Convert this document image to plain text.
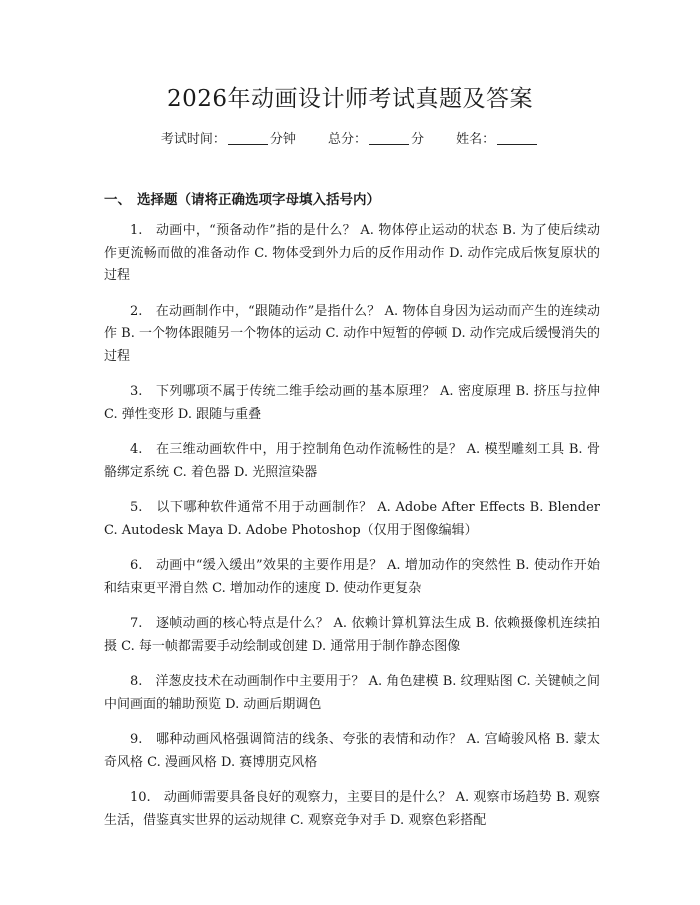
2026年动画设计师考试真题及答案
考试时间：	分钟 总分：	分 姓名：
一、 选择题（请将正确选项字母填入括号内）

1.　动画中，“预备动作”指的是什么？ A. 物体停止运动的状态 B. 为了使后续动作更流畅而做的准备动作 C. 物体受到外力后的反作用动作 D. 动作完成后恢复原状的过程

2.　在动画制作中，“跟随动作”是指什么？ A. 物体自身因为运动而产生的连续动作 B. 一个物体跟随另一个物体的运动 C. 动作中短暂的停顿 D. 动作完成后缓慢消失的过程

3.　下列哪项不属于传统二维手绘动画的基本原理？ A. 密度原理 B. 挤压与拉伸 C. 弹性变形 D. 跟随与重叠

4.　在三维动画软件中，用于控制角色动作流畅性的是？ A. 模型雕刻工具 B. 骨骼绑定系统 C. 着色器 D. 光照渲染器

5.　以下哪种软件通常不用于动画制作？ A. Adobe After Effects B. Blender C. Autodesk Maya D. Adobe Photoshop（仅用于图像编辑）

6.　动画中“缓入缓出”效果的主要作用是？ A. 增加动作的突然性 B. 使动作开始和结束更平滑自然 C. 增加动作的速度 D. 使动作更复杂

7.　逐帧动画的核心特点是什么？ A. 依赖计算机算法生成 B. 依赖摄像机连续拍摄 C. 每一帧都需要手动绘制或创建 D. 通常用于制作静态图像

8.　洋葱皮技术在动画制作中主要用于？ A. 角色建模 B. 纹理贴图 C. 关键帧之间中间画面的辅助预览 D. 动画后期调色

9.　哪种动画风格强调简洁的线条、夸张的表情和动作？ A. 宫崎骏风格 B. 蒙太奇风格 C. 漫画风格 D. 赛博朋克风格

10.　动画师需要具备良好的观察力，主要目的是什么？ A. 观察市场趋势 B. 观察生活，借鉴真实世界的运动规律 C. 观察竞争对手 D. 观察色彩搭配
